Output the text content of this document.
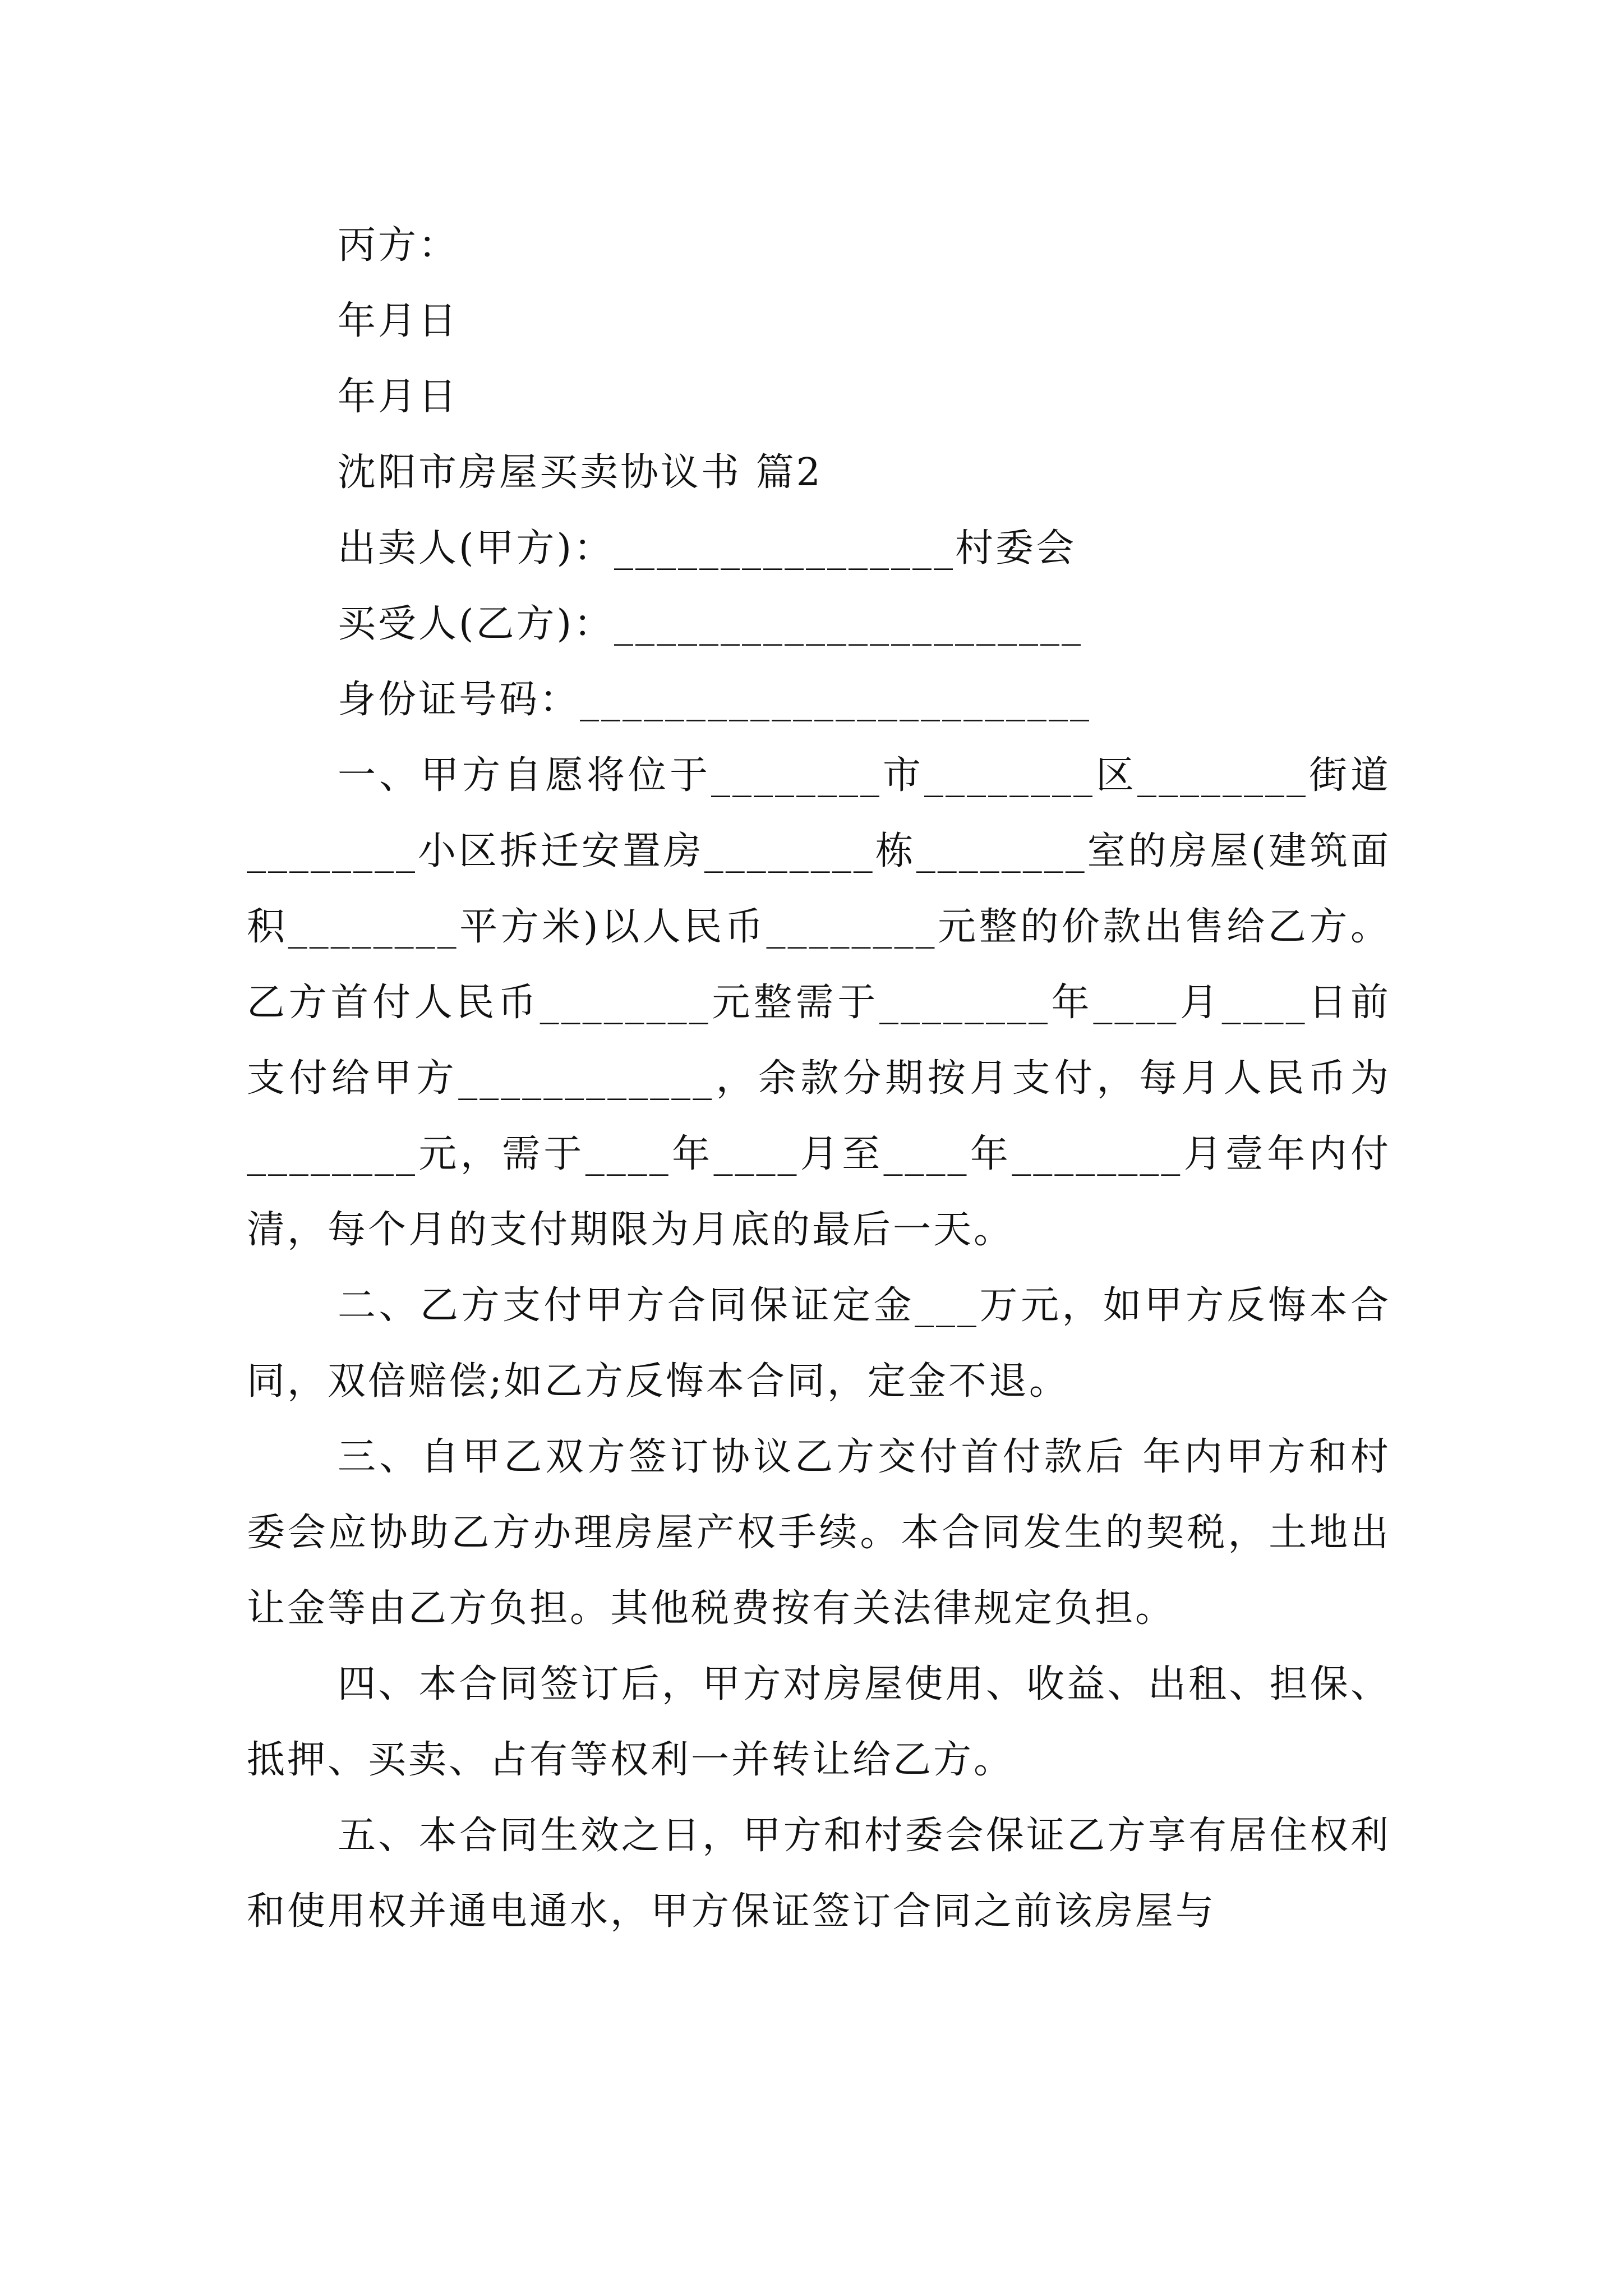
丙方：
年月日
年月日
沈阳市房屋买卖协议书 篇2
出卖人(甲方)：________________村委会
买受人(乙方)：______________________
身份证号码：________________________

一、甲方自愿将位于________市________区________街道________小区拆迁安置房________栋________室的房屋(建筑面积________平方米)以人民币________元整的价款出售给乙方。乙方首付人民币________元整需于________年____月____日前支付给甲方____________，余款分期按月支付，每月人民币为________元，需于____年____月至____年________月壹年内付清，每个月的支付期限为月底的最后一天。

二、乙方支付甲方合同保证定金___万元，如甲方反悔本合同，双倍赔偿;如乙方反悔本合同，定金不退。

三、自甲乙双方签订协议乙方交付首付款后 年内甲方和村委会应协助乙方办理房屋产权手续。本合同发生的契税，土地出让金等由乙方负担。其他税费按有关法律规定负担。

四、本合同签订后，甲方对房屋使用、收益、出租、担保、抵押、买卖、占有等权利一并转让给乙方。

五、本合同生效之日，甲方和村委会保证乙方享有居住权利和使用权并通电通水，甲方保证签订合同之前该房屋与
